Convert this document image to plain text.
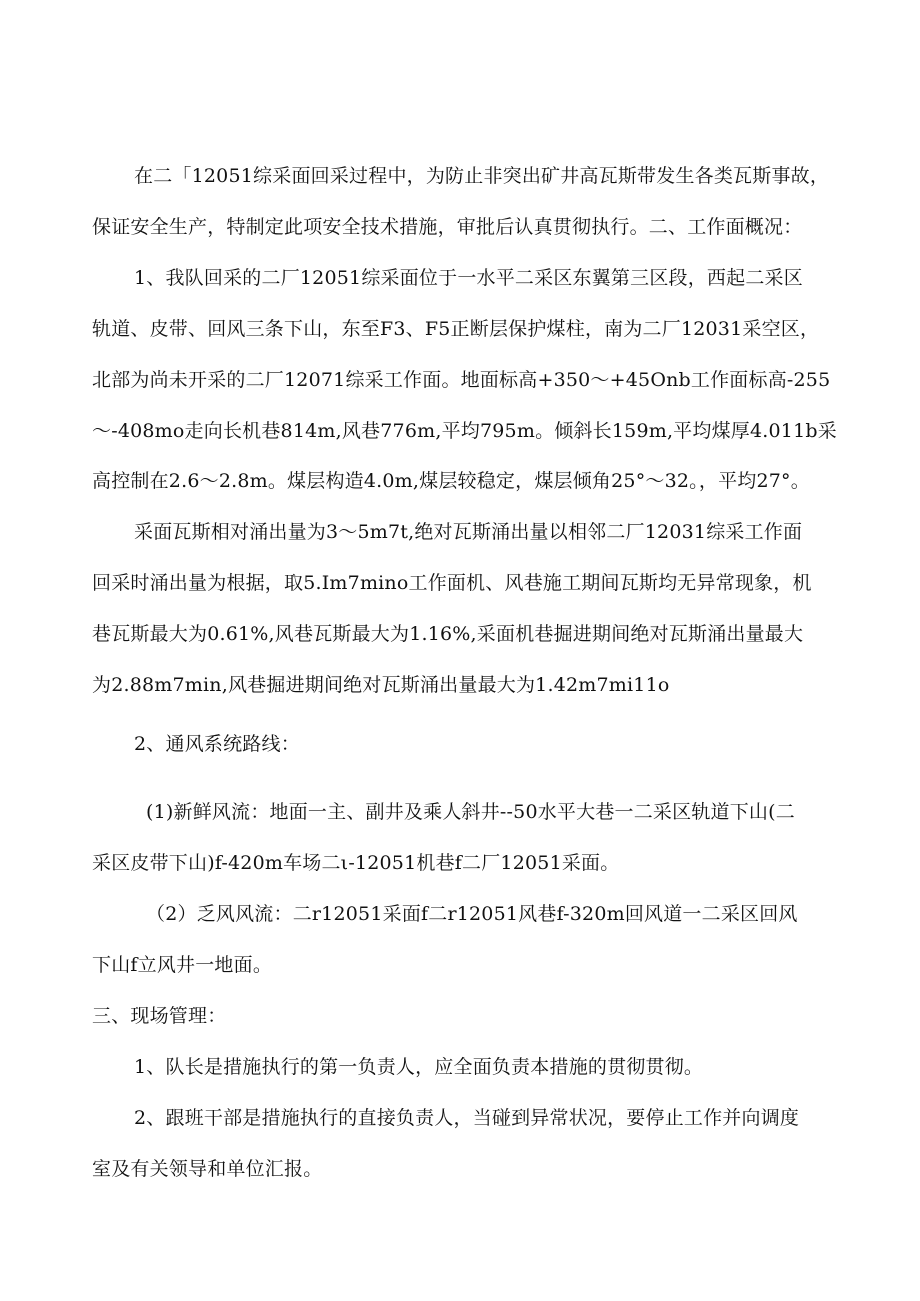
在二「12051综采面回采过程中，为防止非突出矿井高瓦斯带发生各类瓦斯事故，
保证安全生产，特制定此项安全技术措施，审批后认真贯彻执行。二、工作面概况：
1、我队回采的二厂12051综采面位于一水平二采区东翼第三区段，西起二采区
轨道、皮带、回风三条下山，东至F3、F5正断层保护煤柱，南为二厂12031采空区，
北部为尚未开采的二厂12071综采工作面。地面标高+350～+45Onb工作面标高-255
～-408mo走向长机巷814m,风巷776m,平均795m。倾斜长159m,平均煤厚4.011b采
高控制在2.6～2.8m。煤层构造4.0m,煤层较稳定，煤层倾角25°～32。，平均27°。
采面瓦斯相对涌出量为3～5m7t,绝对瓦斯涌出量以相邻二厂12031综采工作面
回采时涌出量为根据，取5.Im7mino工作面机、风巷施工期间瓦斯均无异常现象，机
巷瓦斯最大为0.61%,风巷瓦斯最大为1.16%,采面机巷掘进期间绝对瓦斯涌出量最大
为2.88m7min,风巷掘进期间绝对瓦斯涌出量最大为1.42m7mi11o
2、通风系统路线：
(1)新鲜风流：地面一主、副井及乘人斜井--50水平大巷一二采区轨道下山(二
采区皮带下山)f-420m车场二ι-12051机巷f二厂12051采面。
（2）乏风风流：二r12051采面f二r12051风巷f-320m回风道一二采区回风
下山f立风井一地面。
三、现场管理：
1、队长是措施执行的第一负责人，应全面负责本措施的贯彻贯彻。
2、跟班干部是措施执行的直接负责人，当碰到异常状况，要停止工作并向调度
室及有关领导和单位汇报。
